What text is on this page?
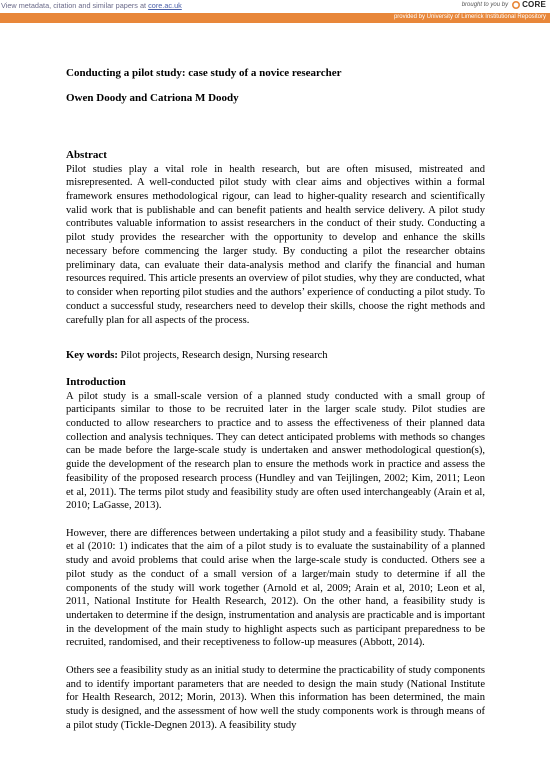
View metadata, citation and similar papers at core.ac.uk	brought to you by CORE
provided by University of Limerick Institutional Repository

Conducting a pilot study: case study of a novice researcher

Owen Doody and Catriona M Doody

Abstract

Pilot studies play a vital role in health research, but are often misused, mistreated and misrepresented. A well-conducted pilot study with clear aims and objectives within a formal framework ensures methodological rigour, can lead to higher-quality research and scientifically valid work that is publishable and can benefit patients and health service delivery. A pilot study contributes valuable information to assist researchers in the conduct of their study. Conducting a pilot study provides the researcher with the opportunity to develop and enhance the skills necessary before commencing the larger study. By conducting a pilot the researcher obtains preliminary data, can evaluate their data-analysis method and clarify the financial and human resources required. This article presents an overview of pilot studies, why they are conducted, what to consider when reporting pilot studies and the authors’ experience of conducting a pilot study. To conduct a successful study, researchers need to develop their skills, choose the right methods and carefully plan for all aspects of the process.

Key words: Pilot projects, Research design, Nursing research
Introduction

A pilot study is a small-scale version of a planned study conducted with a small group of participants similar to those to be recruited later in the larger scale study. Pilot studies are conducted to allow researchers to practice and to assess the effectiveness of their planned data collection and analysis techniques. They can detect anticipated problems with methods so changes can be made before the large-scale study is undertaken and answer methodological question(s), guide the development of the research plan to ensure the methods work in practice and assess the feasibility of the proposed research process (Hundley and van Teijlingen, 2002; Kim, 2011; Leon et al, 2011). The terms pilot study and feasibility study are often used interchangeably (Arain et al, 2010; LaGasse, 2013).

However, there are differences between undertaking a pilot study and a feasibility study. Thabane et al (2010: 1) indicates that the aim of a pilot study is to evaluate the sustainability of a planned study and avoid problems that could arise when the large-scale study is conducted. Others see a pilot study as the conduct of a small version of a larger/main study to determine if all the components of the study will work together (Arnold et al, 2009; Arain et al, 2010; Leon et al, 2011, National Institute for Health Research, 2012). On the other hand, a feasibility study is undertaken to determine if the design, instrumentation and analysis are practicable and is important in the development of the main study to highlight aspects such as participant preparedness to be recruited, randomised, and their receptiveness to follow-up measures (Abbott, 2014).

Others see a feasibility study as an initial study to determine the practicability of study components and to identify important parameters that are needed to design the main study (National Institute for Health Research, 2012; Morin, 2013). When this information has been determined, the main study is designed, and the assessment of how well the study components work is through means of a pilot study (Tickle-Degnen 2013). A feasibility study
